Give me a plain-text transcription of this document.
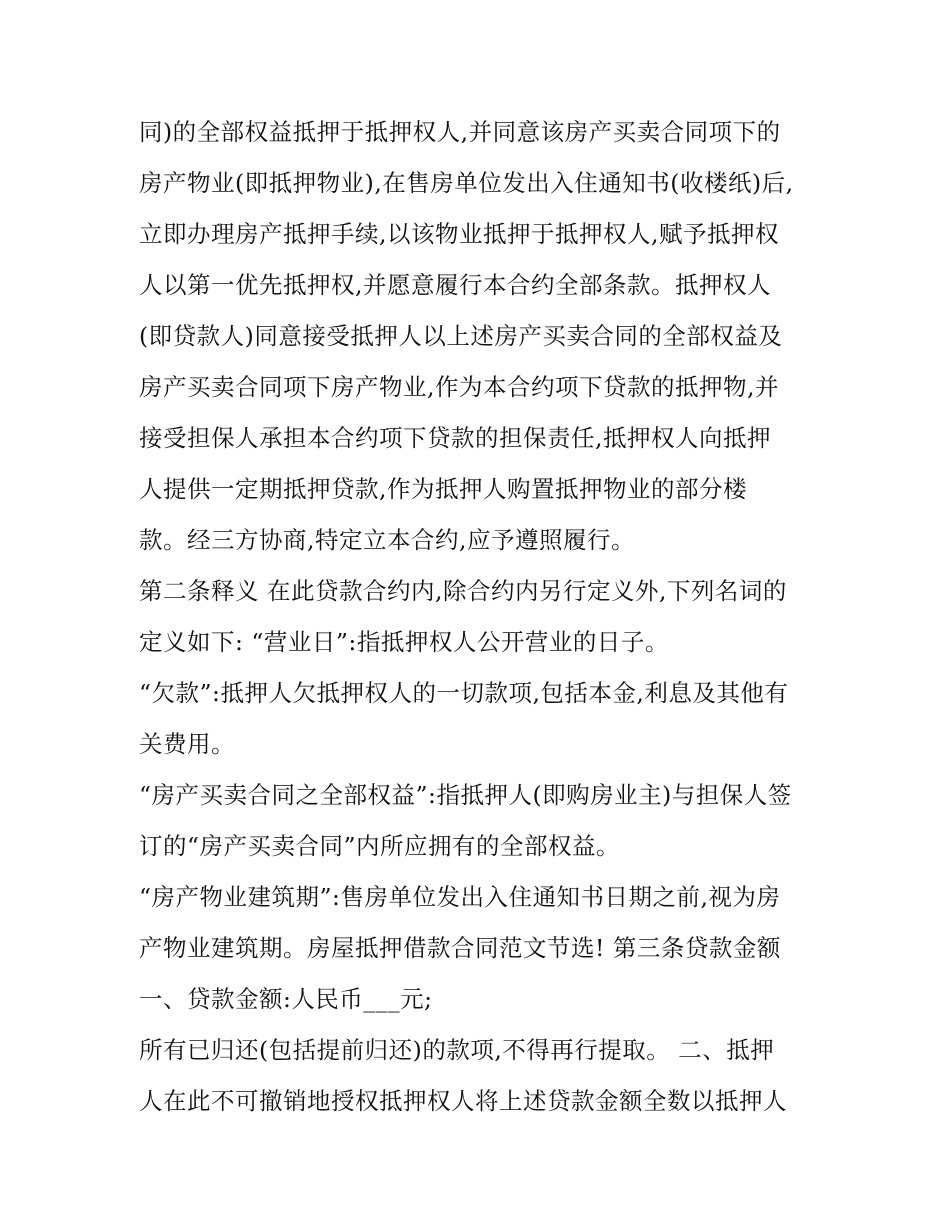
同)的全部权益抵押于抵押权人,并同意该房产买卖合同项下的
房产物业(即抵押物业),在售房单位发出入住通知书(收楼纸)后,
立即办理房产抵押手续,以该物业抵押于抵押权人,赋予抵押权
人以第一优先抵押权,并愿意履行本合约全部条款。抵押权人
(即贷款人)同意接受抵押人以上述房产买卖合同的全部权益及
房产买卖合同项下房产物业,作为本合约项下贷款的抵押物,并
接受担保人承担本合约项下贷款的担保责任,抵押权人向抵押
人提供一定期抵押贷款,作为抵押人购置抵押物业的部分楼
款。经三方协商,特定立本合约,应予遵照履行。
第二条释义 在此贷款合约内,除合约内另行定义外,下列名词的
定义如下: “营业日”:指抵押权人公开营业的日子。
“欠款”:抵押人欠抵押权人的一切款项,包括本金,利息及其他有
关费用。
“房产买卖合同之全部权益”:指抵押人(即购房业主)与担保人签
订的“房产买卖合同”内所应拥有的全部权益。
“房产物业建筑期”:售房单位发出入住通知书日期之前,视为房
产物业建筑期。房屋抵押借款合同范文节选! 第三条贷款金额
一、贷款金额:人民币___元;
所有已归还(包括提前归还)的款项,不得再行提取。 二、抵押
人在此不可撤销地授权抵押权人将上述贷款金额全数以抵押人
